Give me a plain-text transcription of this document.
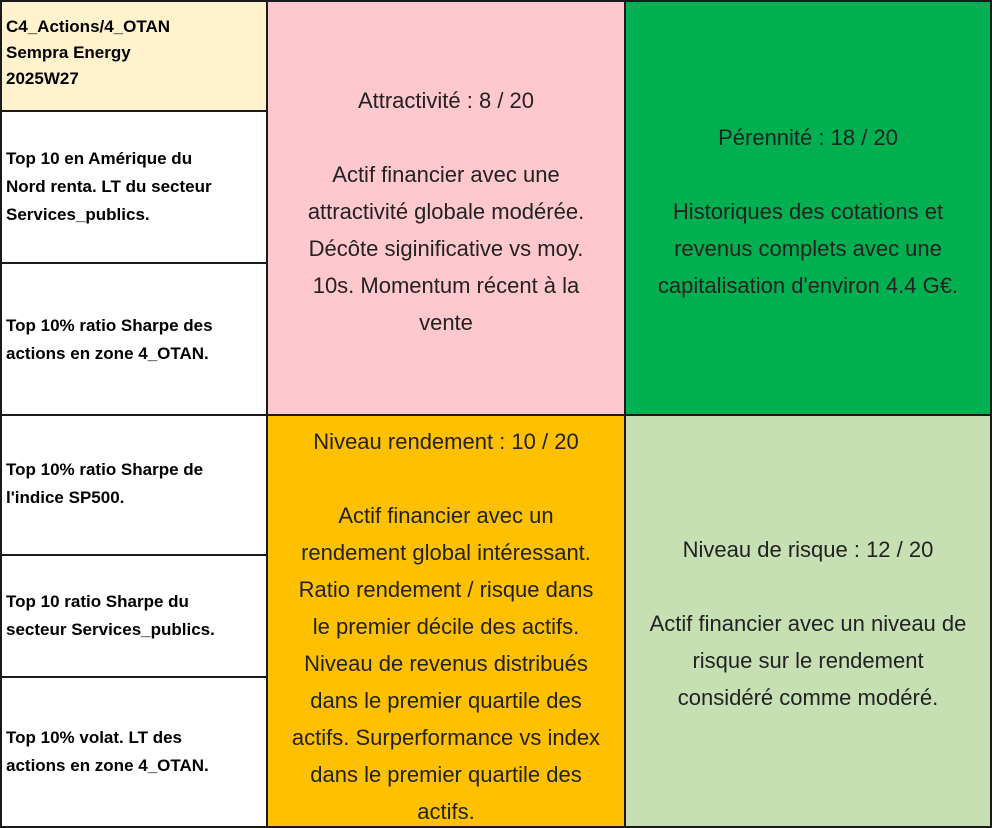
C4_Actions/4_OTAN
Sempra Energy
2025W27
Top 10 en Amérique du
Nord renta. LT du secteur
Services_publics.
Top 10% ratio Sharpe des
actions en zone 4_OTAN.
Top 10% ratio Sharpe de
l'indice SP500.
Top 10 ratio Sharpe du
secteur Services_publics.
Top 10% volat. LT des
actions en zone 4_OTAN.

Attractivité : 8 / 20

Actif financier avec une

attractivité globale modérée.

Décôte siginificative vs moy.

10s. Momentum récent à la

vente

Pérennité : 18 / 20

Historiques des cotations et

revenus complets avec une

capitalisation d'environ 4.4 G€.

Niveau rendement : 10 / 20

Actif financier avec un

rendement global intéressant.

Ratio rendement / risque dans

le premier décile des actifs.

Niveau de revenus distribués

dans le premier quartile des

actifs. Surperformance vs index

dans le premier quartile des

actifs.

Niveau de risque : 12 / 20

Actif financier avec un niveau de

risque sur le rendement

considéré comme modéré.
